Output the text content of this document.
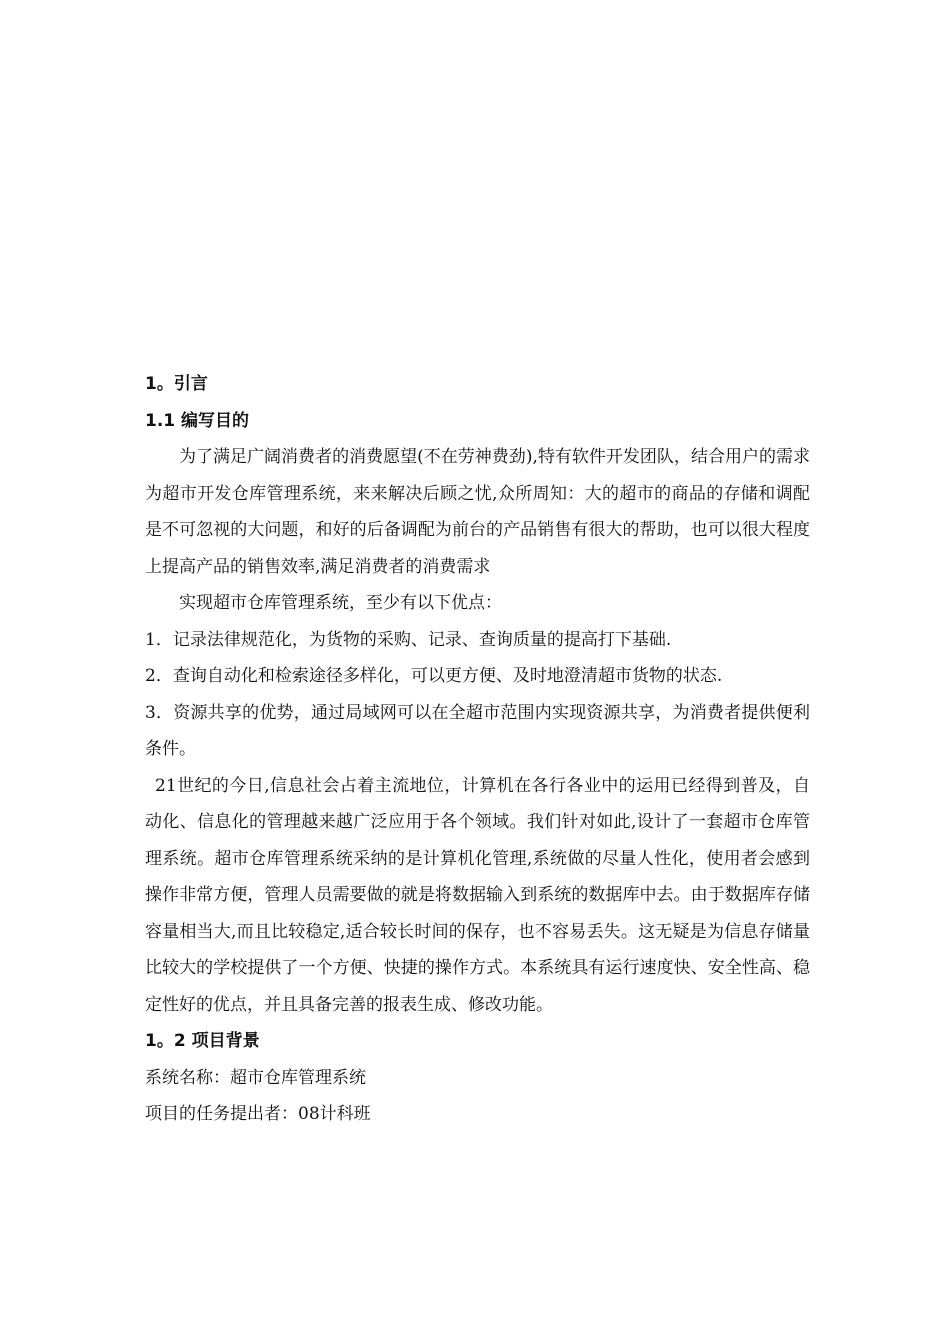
1。引言

1.1 编写目的

为了满足广阔消费者的消费愿望(不在劳神费劲),特有软件开发团队，结合用户的需求为超市开发仓库管理系统，来来解决后顾之忧,众所周知：大的超市的商品的存储和调配是不可忽视的大问题，和好的后备调配为前台的产品销售有很大的帮助，也可以很大程度上提高产品的销售效率,满足消费者的消费需求

实现超市仓库管理系统，至少有以下优点：

1．记录法律规范化，为货物的采购、记录、查询质量的提高打下基础.

2．查询自动化和检索途径多样化，可以更方便、及时地澄清超市货物的状态.

3．资源共享的优势，通过局域网可以在全超市范围内实现资源共享，为消费者提供便利条件。

21世纪的今日,信息社会占着主流地位，计算机在各行各业中的运用已经得到普及，自动化、信息化的管理越来越广泛应用于各个领域。我们针对如此,设计了一套超市仓库管理系统。超市仓库管理系统采纳的是计算机化管理,系统做的尽量人性化，使用者会感到操作非常方便，管理人员需要做的就是将数据输入到系统的数据库中去。由于数据库存储容量相当大,而且比较稳定,适合较长时间的保存，也不容易丢失。这无疑是为信息存储量比较大的学校提供了一个方便、快捷的操作方式。本系统具有运行速度快、安全性高、稳定性好的优点，并且具备完善的报表生成、修改功能。

1。2 项目背景

系统名称：超市仓库管理系统

项目的任务提出者：08计科班
